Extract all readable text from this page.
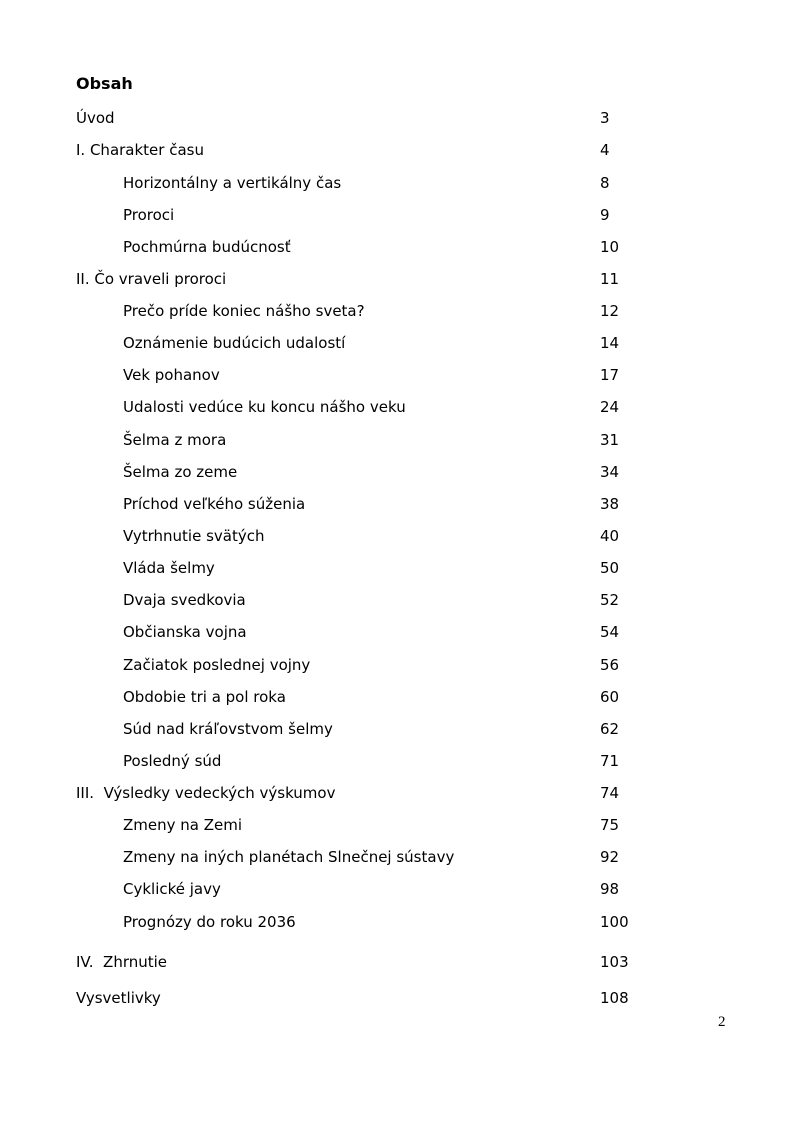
Obsah
Úvod	3
I. Charakter času	4
Horizontálny a vertikálny čas	8
Proroci	9
Pochmúrna budúcnosť	10
II. Čo vraveli proroci	11
Prečo príde koniec nášho sveta?	12
Oznámenie budúcich udalostí	14
Vek pohanov	17
Udalosti vedúce ku koncu nášho veku	24
Šelma z mora	31
Šelma zo zeme	34
Príchod veľkého súženia	38
Vytrhnutie svätých	40
Vláda šelmy	50
Dvaja svedkovia	52
Občianska vojna	54
Začiatok poslednej vojny	56
Obdobie tri a pol roka	60
Súd nad kráľovstvom šelmy	62
Posledný súd	71
III.  Výsledky vedeckých výskumov	74
Zmeny na Zemi	75
Zmeny na iných planétach Slnečnej sústavy	92
Cyklické javy	98
Prognózy do roku 2036	100
IV.  Zhrnutie	103
Vysvetlivky	108
2
